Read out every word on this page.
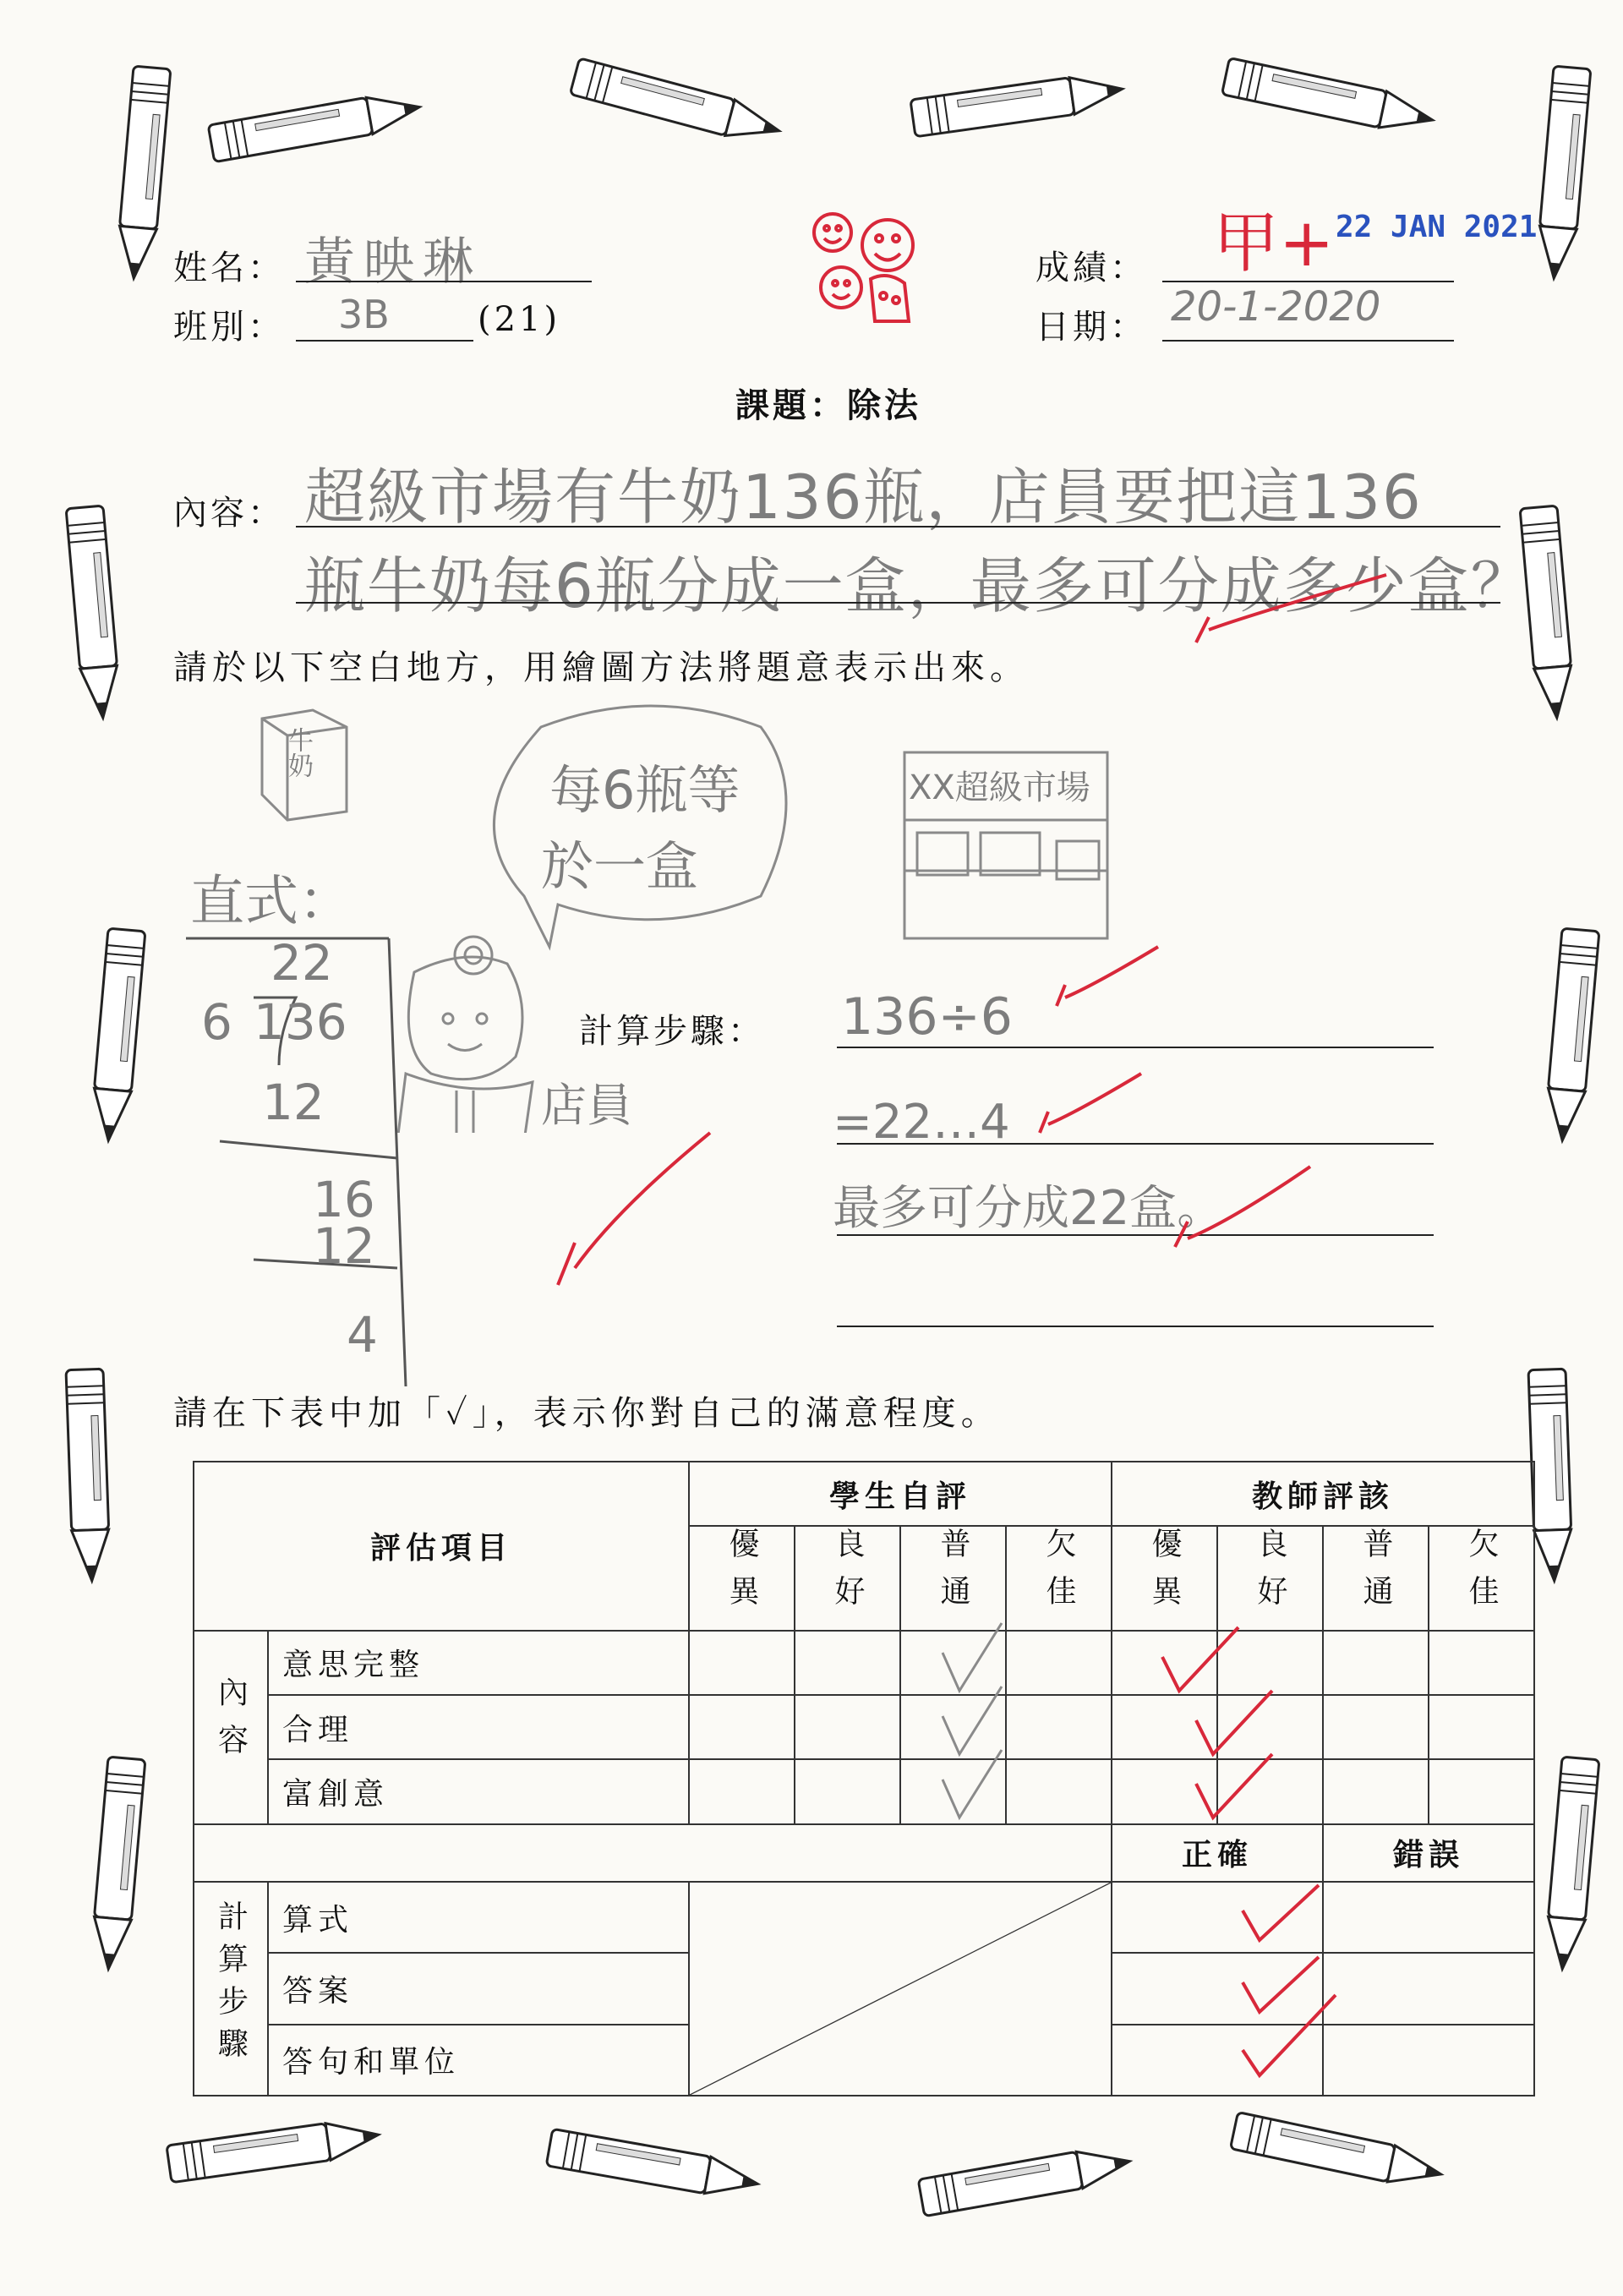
姓名： 黃映琳
班別： 3B	(21)
成績： 甲+ 22 JAN 2021
日期： 20-1-2020
課題：除法
內容： 超級市場有牛奶136瓶，店員要把這136
瓶牛奶每6瓶分成一盒，最多可分成多少盒？
請於以下空白地方，用繪圖方法將題意表示出來。
每6瓶等
於一盒
XX超級市場
牛奶
店員
直式：
22
6 136
12
16
12
4
計算步驟： 136÷6
=22…4
最多可分成22盒。
請在下表中加「✓」，表示你對自己的滿意程度。
評估項目		學生自評				教師評該			
		優異	良好	普通	欠佳	優異	良好	普通	欠佳
內容	意思完整								
	合理								
	富創意								
						正確		錯誤	
計算步驟	算式	

	答案								
	答句和單位								
